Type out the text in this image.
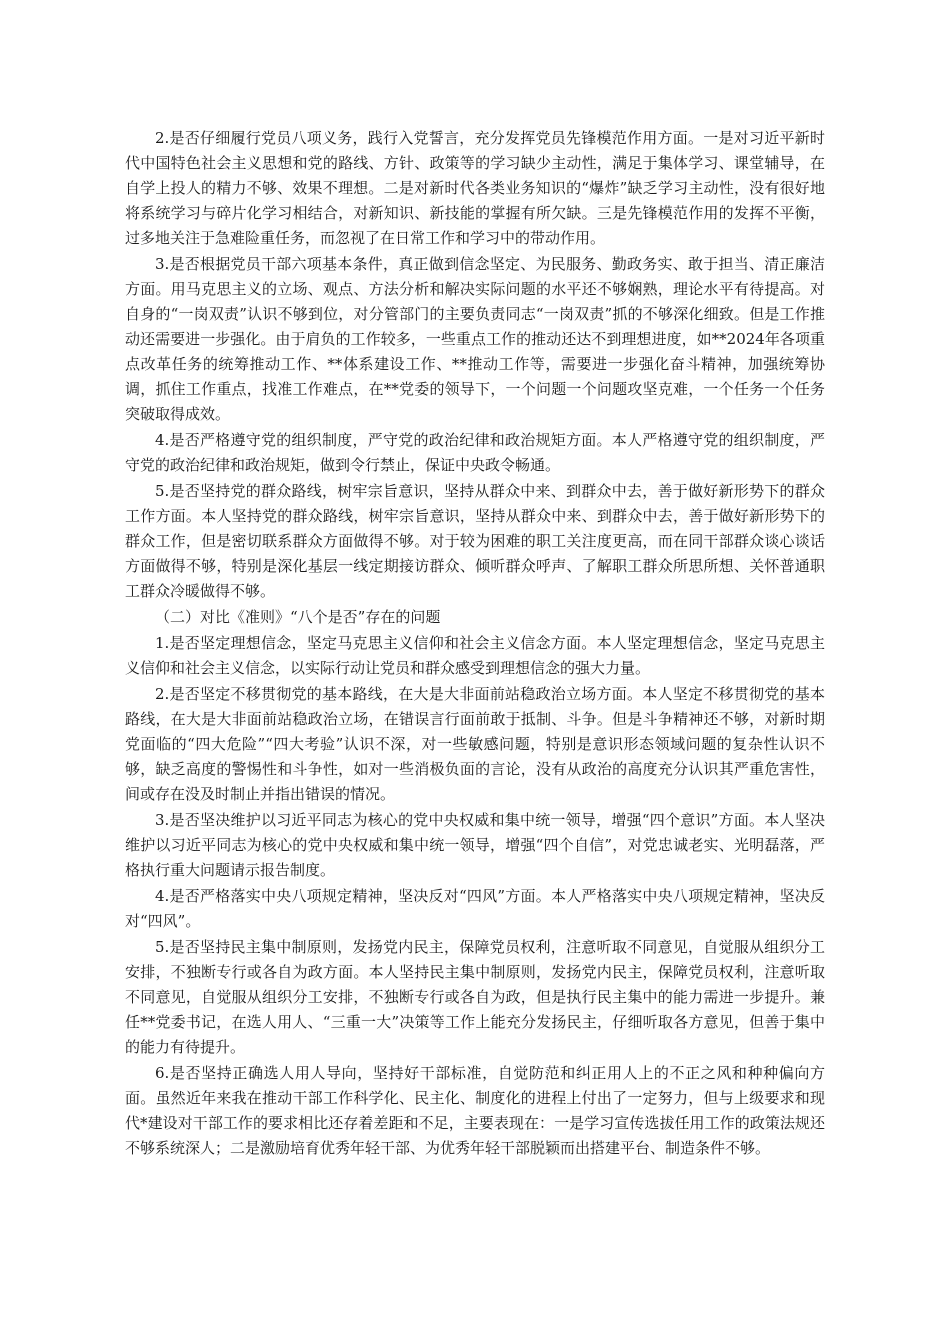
2.是否仔细履行党员八项义务，践行入党誓言，充分发挥党员先锋模范作用方面。一是对习近平新时代中国特色社会主义思想和党的路线、方针、政策等的学习缺少主动性，满足于集体学习、课堂辅导，在自学上投人的精力不够、效果不理想。二是对新时代各类业务知识的“爆炸”缺乏学习主动性，没有很好地将系统学习与碎片化学习相结合，对新知识、新技能的掌握有所欠缺。三是先锋模范作用的发挥不平衡，过多地关注于急难险重任务，而忽视了在日常工作和学习中的带动作用。

3.是否根据党员干部六项基本条件，真正做到信念坚定、为民服务、勤政务实、敢于担当、清正廉洁方面。用马克思主义的立场、观点、方法分析和解决实际问题的水平还不够娴熟，理论水平有待提高。对自身的“一岗双责”认识不够到位，对分管部门的主要负责同志“一岗双责”抓的不够深化细致。但是工作推动还需要进一步强化。由于肩负的工作较多，一些重点工作的推动还达不到理想进度，如**2024年各项重点改革任务的统筹推动工作、**体系建设工作、**推动工作等，需要进一步强化奋斗精神，加强统筹协调，抓住工作重点，找准工作难点，在**党委的领导下，一个问题一个问题攻坚克难，一个任务一个任务突破取得成效。

4.是否严格遵守党的组织制度，严守党的政治纪律和政治规矩方面。本人严格遵守党的组织制度，严守党的政治纪律和政治规矩，做到令行禁止，保证中央政令畅通。

5.是否坚持党的群众路线，树牢宗旨意识，坚持从群众中来、到群众中去，善于做好新形势下的群众工作方面。本人坚持党的群众路线，树牢宗旨意识，坚持从群众中来、到群众中去，善于做好新形势下的群众工作，但是密切联系群众方面做得不够。对于较为困难的职工关注度更高，而在同干部群众谈心谈话方面做得不够，特别是深化基层一线定期接访群众、倾听群众呼声、了解职工群众所思所想、关怀普通职工群众冷暖做得不够。

（二）对比《准则》“八个是否”存在的问题

1.是否坚定理想信念，坚定马克思主义信仰和社会主义信念方面。本人坚定理想信念，坚定马克思主义信仰和社会主义信念，以实际行动让党员和群众感受到理想信念的强大力量。

2.是否坚定不移贯彻党的基本路线，在大是大非面前站稳政治立场方面。本人坚定不移贯彻党的基本路线，在大是大非面前站稳政治立场，在错误言行面前敢于抵制、斗争。但是斗争精神还不够，对新时期党面临的“四大危险”“四大考验”认识不深，对一些敏感问题，特别是意识形态领域问题的复杂性认识不够，缺乏高度的警惕性和斗争性，如对一些消极负面的言论，没有从政治的高度充分认识其严重危害性，间或存在没及时制止并指出错误的情况。

3.是否坚决维护以习近平同志为核心的党中央权威和集中统一领导，增强“四个意识”方面。本人坚决维护以习近平同志为核心的党中央权威和集中统一领导，增强“四个自信”，对党忠诚老实、光明磊落，严格执行重大问题请示报告制度。

4.是否严格落实中央八项规定精神，坚决反对“四风”方面。本人严格落实中央八项规定精神，坚决反对“四风”。

5.是否坚持民主集中制原则，发扬党内民主，保障党员权利，注意听取不同意见，自觉服从组织分工安排，不独断专行或各自为政方面。本人坚持民主集中制原则，发扬党内民主，保障党员权利，注意听取不同意见，自觉服从组织分工安排，不独断专行或各自为政，但是执行民主集中的能力需进一步提升。兼任**党委书记，在选人用人、“三重一大”决策等工作上能充分发扬民主，仔细听取各方意见，但善于集中的能力有待提升。

6.是否坚持正确选人用人导向，坚持好干部标准，自觉防范和纠正用人上的不正之风和种种偏向方面。虽然近年来我在推动干部工作科学化、民主化、制度化的进程上付出了一定努力，但与上级要求和现代*建设对干部工作的要求相比还存着差距和不足，主要表现在：一是学习宣传选拔任用工作的政策法规还不够系统深人；二是激励培育优秀年轻干部、为优秀年轻干部脱颖而出搭建平台、制造条件不够。
